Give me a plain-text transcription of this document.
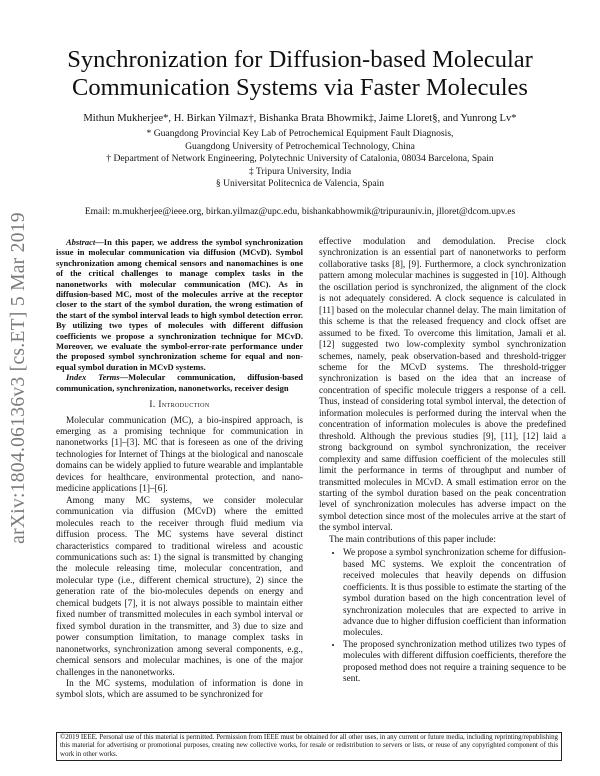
arXiv:1804.06136v3 [cs.ET] 5 Mar 2019
Synchronization for Diffusion-based Molecular
Communication Systems via Faster Molecules
Mithun Mukherjee*, H. Birkan Yilmaz†, Bishanka Brata Bhowmik‡, Jaime Lloret§, and Yunrong Lv*
* Guangdong Provincial Key Lab of Petrochemical Equipment Fault Diagnosis,
Guangdong University of Petrochemical Technology, China
† Department of Network Engineering, Polytechnic University of Catalonia, 08034 Barcelona, Spain
‡ Tripura University, India
§ Universitat Politecnica de Valencia, Spain
Email: m.mukherjee@ieee.org, birkan.yilmaz@upc.edu, bishankabhowmik@tripurauniv.in, jlloret@dcom.upv.es

Abstract—In this paper, we address the symbol synchronization issue in molecular communication via diffusion (MCvD). Symbol synchronization among chemical sensors and nanomachines is one of the critical challenges to manage complex tasks in the nanonetworks with molecular communication (MC). As in diffusion-based MC, most of the molecules arrive at the receptor closer to the start of the symbol duration, the wrong estimation of the start of the symbol interval leads to high symbol detection error. By utilizing two types of molecules with different diffusion coefficients we propose a synchronization technique for MCvD. Moreover, we evaluate the symbol-error-rate performance under the proposed symbol synchronization scheme for equal and non-equal symbol duration in MCvD systems.

Index Terms—Molecular communication, diffusion-based communication, synchronization, nanonetworks, receiver design

I. Introduction

Molecular communication (MC), a bio-inspired approach, is emerging as a promising technique for communication in nanonetworks [1]–[3]. MC that is foreseen as one of the driving technologies for Internet of Things at the biological and nanoscale domains can be widely applied to future wearable and implantable devices for healthcare, environmental protection, and nano-medicine applications [1]–[6].

Among many MC systems, we consider molecular communication via diffusion (MCvD) where the emitted molecules reach to the receiver through fluid medium via diffusion process. The MC systems have several distinct characteristics compared to traditional wireless and acoustic communications such as: 1) the signal is transmitted by changing the molecule releasing time, molecular concentration, and molecular type (i.e., different chemical structure), 2) since the generation rate of the bio-molecules depends on energy and chemical budgets [7], it is not always possible to maintain either fixed number of transmitted molecules in each symbol interval or fixed symbol duration in the transmitter, and 3) due to size and power consumption limitation, to manage complex tasks in nanonetworks, synchronization among several components, e.g., chemical sensors and molecular machines, is one of the major challenges in the nanonetworks.

In the MC systems, modulation of information is done in symbol slots, which are assumed to be synchronized for

effective modulation and demodulation. Precise clock synchronization is an essential part of nanonetworks to perform collaborative tasks [8], [9]. Furthermore, a clock synchronization pattern among molecular machines is suggested in [10]. Although the oscillation period is synchronized, the alignment of the clock is not adequately considered. A clock sequence is calculated in [11] based on the molecular channel delay. The main limitation of this scheme is that the released frequency and clock offset are assumed to be fixed. To overcome this limitation, Jamali et al. [12] suggested two low-complexity symbol synchronization schemes, namely, peak observation-based and threshold-trigger scheme for the MCvD systems. The threshold-trigger synchronization is based on the idea that an increase of concentration of specific molecule triggers a response of a cell. Thus, instead of considering total symbol interval, the detection of information molecules is performed during the interval when the concentration of information molecules is above the predefined threshold. Although the previous studies [9], [11], [12] laid a strong background on symbol synchronization, the receiver complexity and same diffusion coefficient of the molecules still limit the performance in terms of throughput and number of transmitted molecules in MCvD. A small estimation error on the starting of the symbol duration based on the peak concentration level of synchronization molecules has adverse impact on the symbol detection since most of the molecules arrive at the start of the symbol interval.

The main contributions of this paper include:

• We propose a symbol synchronization scheme for diffusion-based MC systems. We exploit the concentration of received molecules that heavily depends on diffusion coefficients. It is thus possible to estimate the starting of the symbol duration based on the high concentration level of synchronization molecules that are expected to arrive in advance due to higher diffusion coefficient than information molecules.
• The proposed synchronization method utilizes two types of molecules with different diffusion coefficients, therefore the proposed method does not require a training sequence to be sent.
©2019 IEEE. Personal use of this material is permitted. Permission from IEEE must be obtained for all other uses, in any current or future media, including reprinting/republishing this material for advertising or promotional purposes, creating new collective works, for resale or redistribution to servers or lists, or reuse of any copyrighted component of this work in other works.
